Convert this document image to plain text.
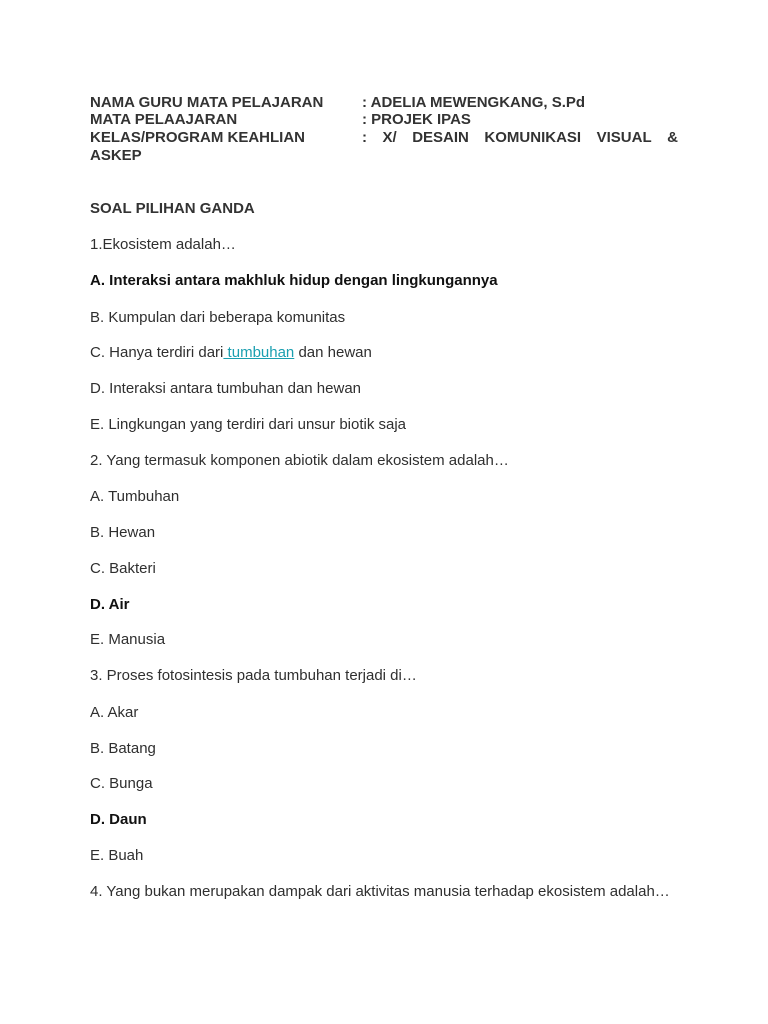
NAMA GURU MATA PELAJARAN	: ADELIA MEWENGKANG, S.Pd
MATA PELAAJARAN	: PROJEK IPAS
KELAS/PROGRAM KEAHLIAN	: X/ DESAIN KOMUNIKASI VISUAL &
ASKEP
SOAL PILIHAN GANDA
1.Ekosistem adalah…
A. Interaksi antara makhluk hidup dengan lingkungannya
B. Kumpulan dari beberapa komunitas
C. Hanya terdiri dari tumbuhan dan hewan
D. Interaksi antara tumbuhan dan hewan
E. Lingkungan yang terdiri dari unsur biotik saja
2. Yang termasuk komponen abiotik dalam ekosistem adalah…
A. Tumbuhan
B. Hewan
C. Bakteri
D. Air
E. Manusia
3. Proses fotosintesis pada tumbuhan terjadi di…
A. Akar
B. Batang
C. Bunga
D. Daun
E. Buah
4. Yang bukan merupakan dampak dari aktivitas manusia terhadap ekosistem adalah…
